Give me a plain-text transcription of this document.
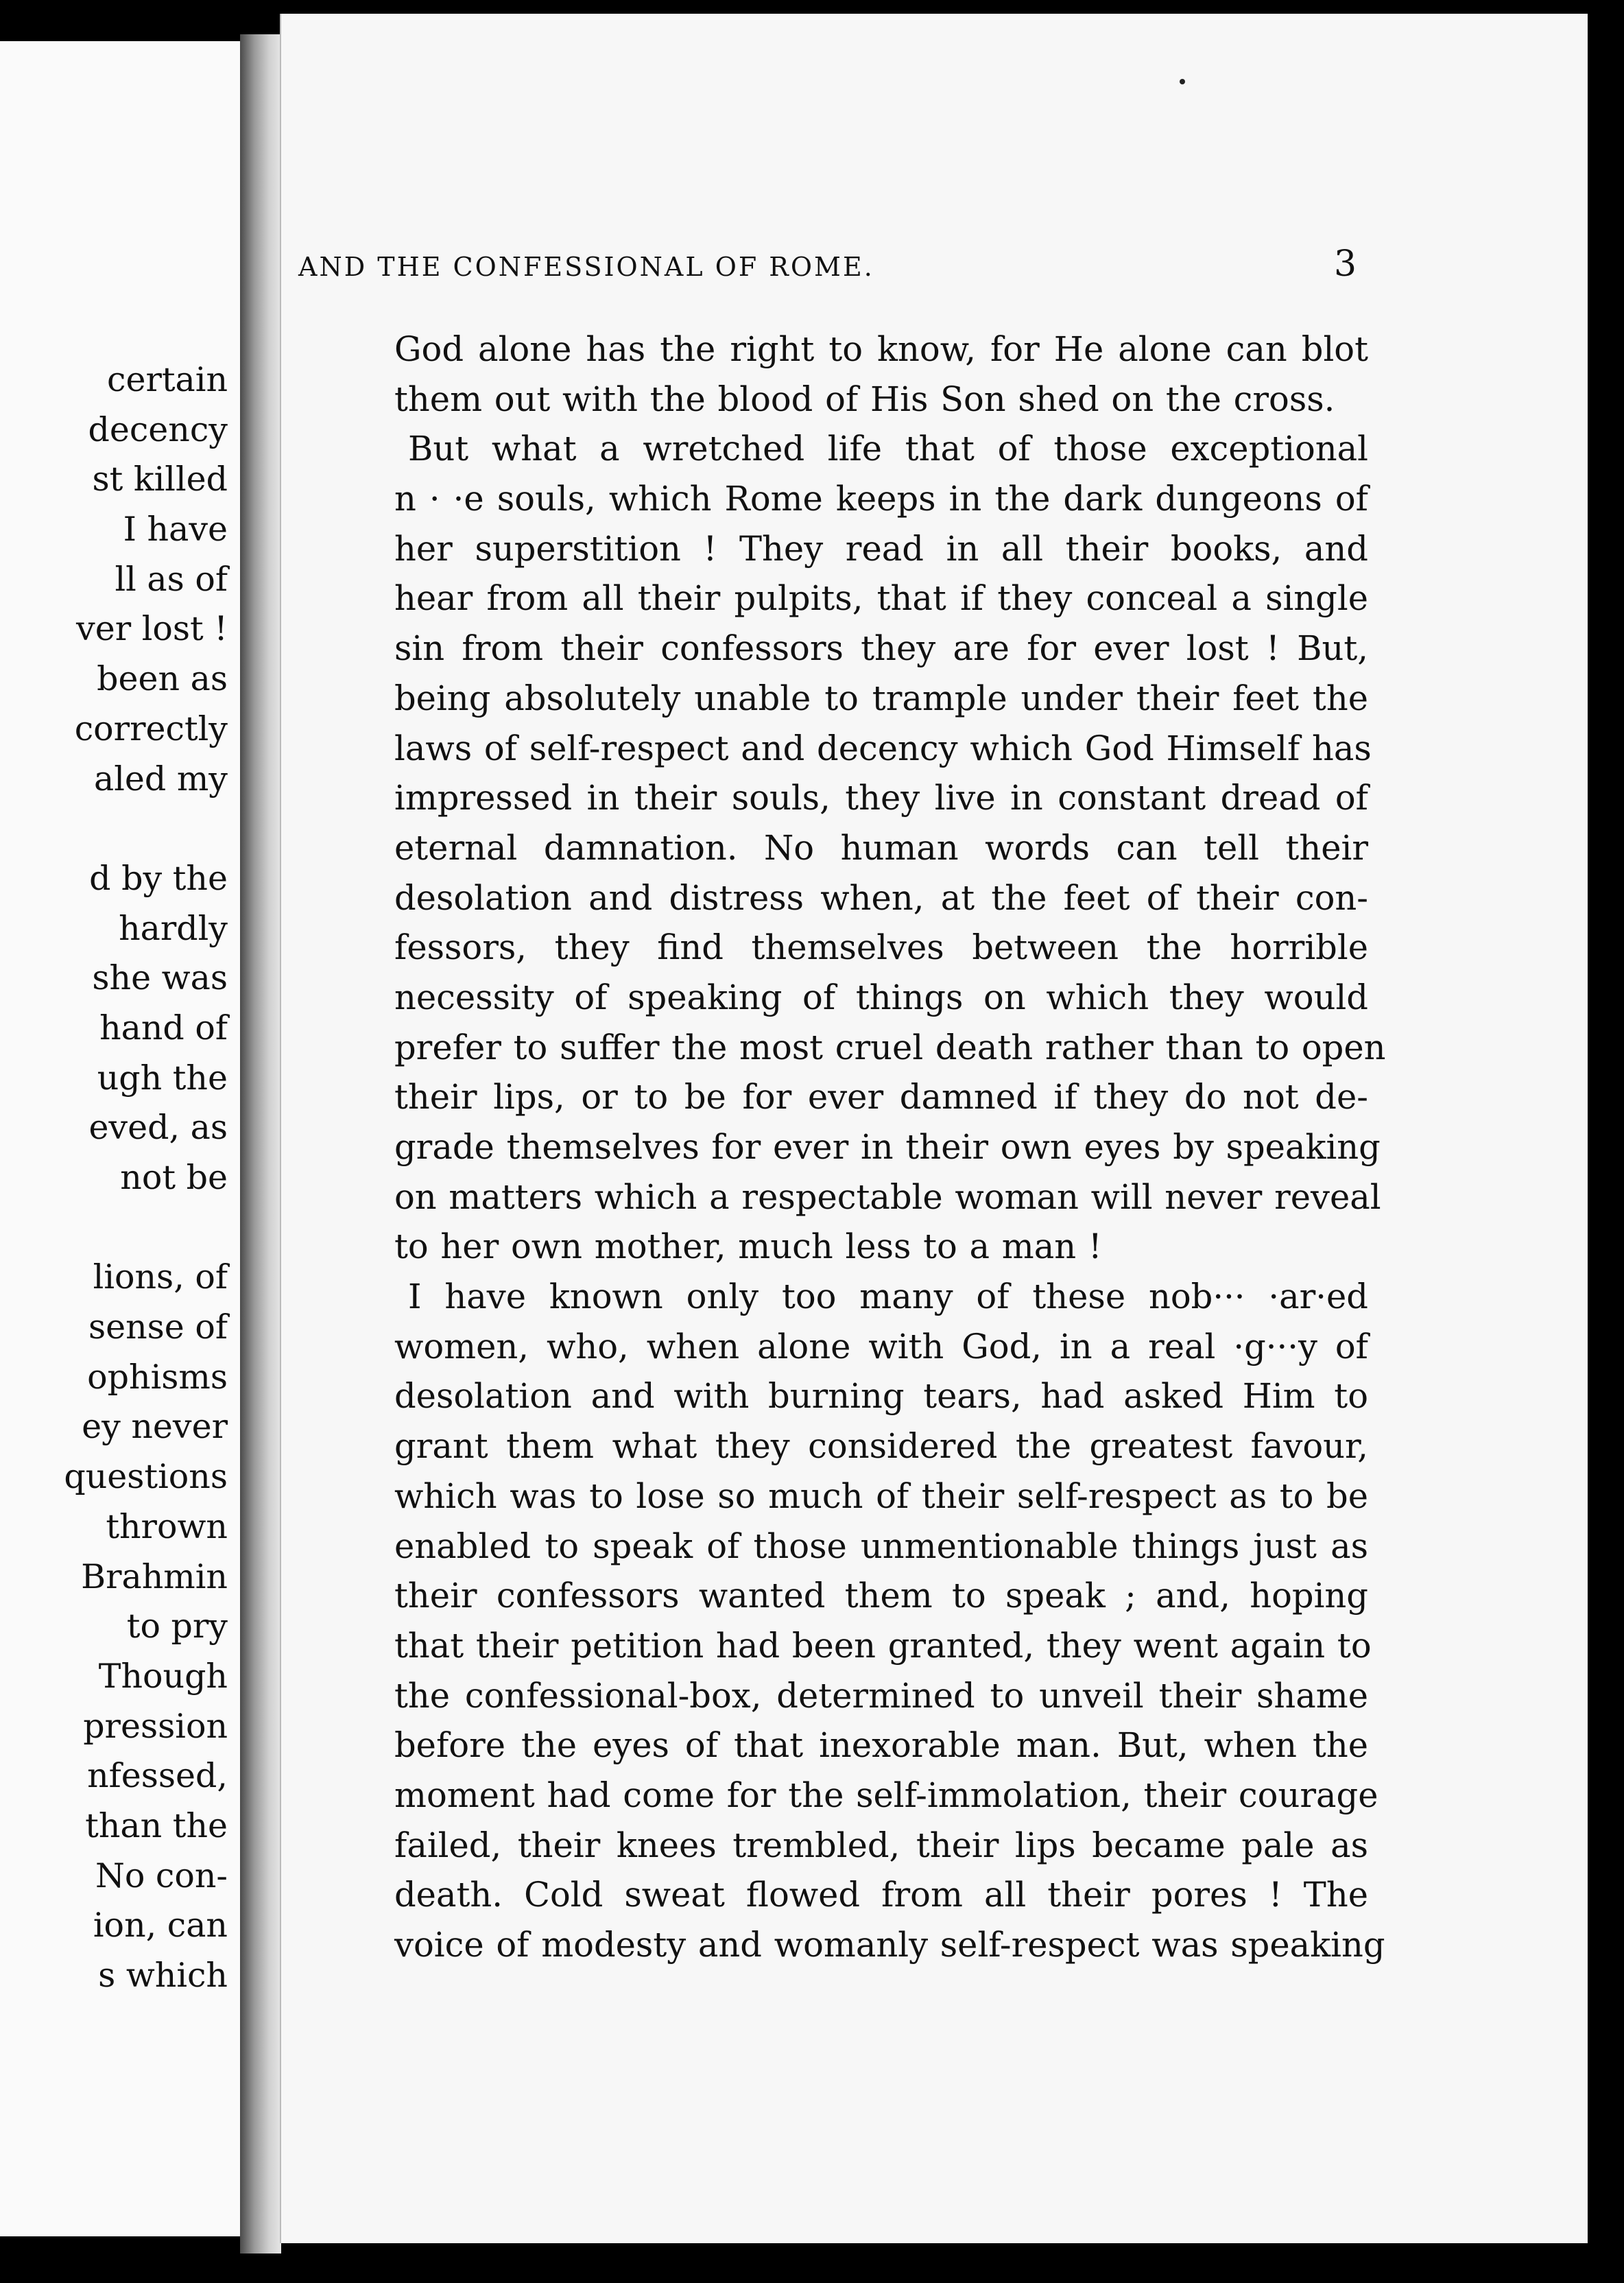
certain
decency
st killed
I have
ll as of
ver lost !
been as
correctly
aled my
d by the
hardly
she was
hand of
ugh the
eved, as
not be
lions, of
sense of
ophisms
ey never
questions
thrown
Brahmin
to pry
Though
pression
nfessed,
than the
No con-
ion, can
s which
AND THE CONFESSIONAL OF ROME.	3
God alone has the right to know, for He alone can blot
them out with the blood of His Son shed on the cross.
But what a wretched life that of those exceptional
n · ·e souls, which Rome keeps in the dark dungeons of
her superstition ! They read in all their books, and
hear from all their pulpits, that if they conceal a single
sin from their confessors they are for ever lost ! But,
being absolutely unable to trample under their feet the
laws of self-respect and decency which God Himself has
impressed in their souls, they live in constant dread of
eternal damnation. No human words can tell their
desolation and distress when, at the feet of their con-
fessors, they find themselves between the horrible
necessity of speaking of things on which they would
prefer to suffer the most cruel death rather than to open
their lips, or to be for ever damned if they do not de-
grade themselves for ever in their own eyes by speaking
on matters which a respectable woman will never reveal
to her own mother, much less to a man !
I have known only too many of these nob··· ·ar·ed
women, who, when alone with God, in a real ·g···y of
desolation and with burning tears, had asked Him to
grant them what they considered the greatest favour,
which was to lose so much of their self-respect as to be
enabled to speak of those unmentionable things just as
their confessors wanted them to speak ; and, hoping
that their petition had been granted, they went again to
the confessional-box, determined to unveil their shame
before the eyes of that inexorable man. But, when the
moment had come for the self-immolation, their courage
failed, their knees trembled, their lips became pale as
death. Cold sweat flowed from all their pores ! The
voice of modesty and womanly self-respect was speaking
